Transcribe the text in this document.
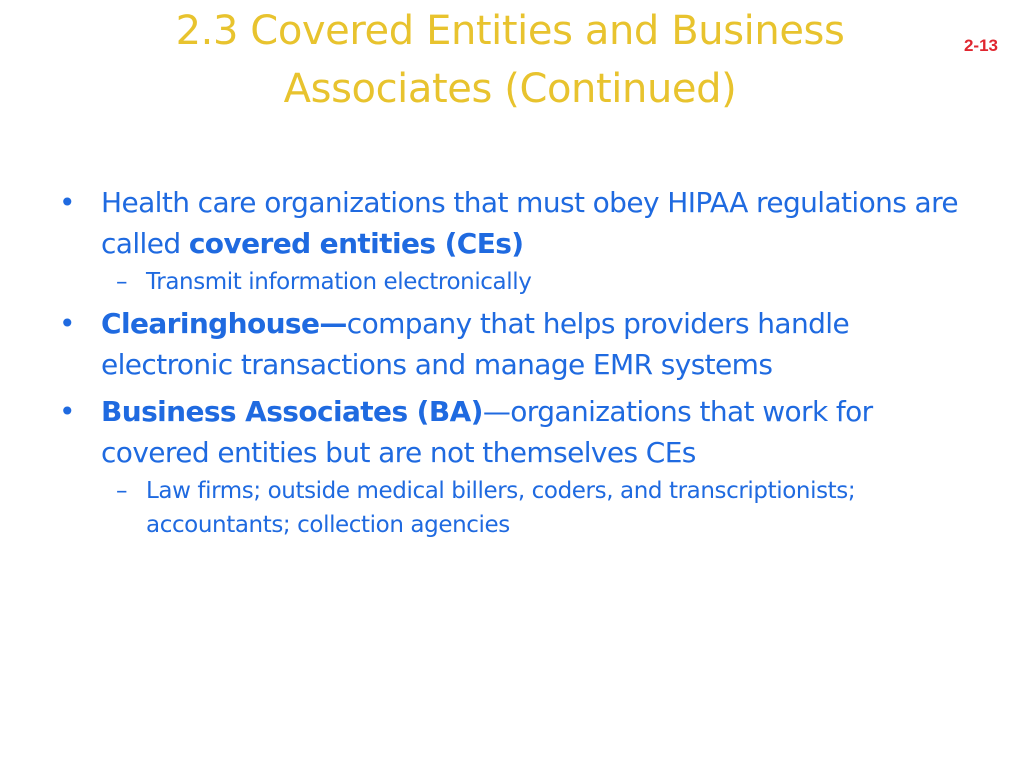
2.3 Covered Entities and Business
Associates (Continued)
2-13
• Health care organizations that must obey HIPAA regulations are called covered entities (CEs)
– Transmit information electronically
• Clearinghouse—company that helps providers handle electronic transactions and manage EMR systems
• Business Associates (BA)—organizations that work for covered entities but are not themselves CEs
– Law firms; outside medical billers, coders, and transcriptionists; accountants; collection agencies
